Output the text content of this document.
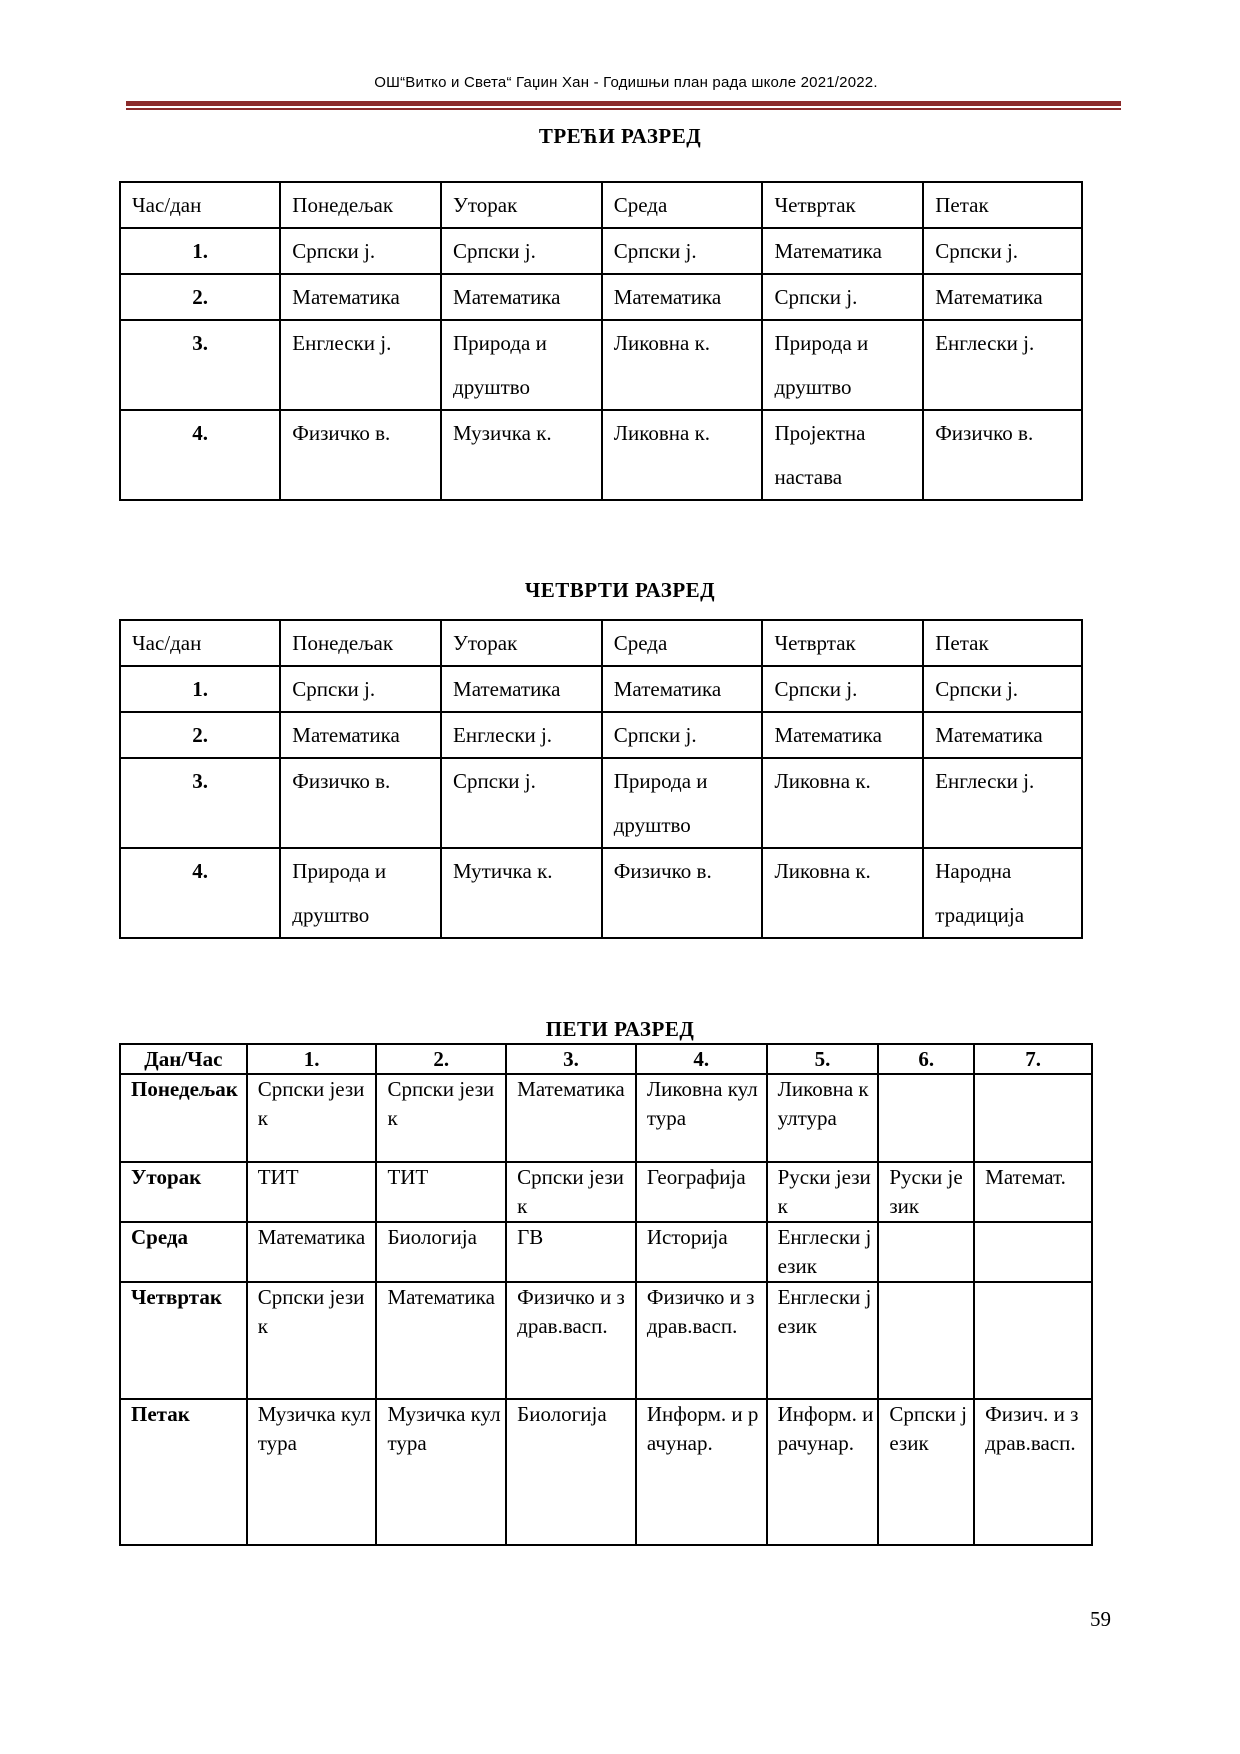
ОШ“Витко и Света“ Гаџин Хан - Годишњи план рада школе 2021/2022.
ТРЕЋИ РАЗРЕД
Час/дан	Понедељак	Уторак	Среда	Четвртак	Петак
1.	Српски ј.	Српски ј.	Српски ј.	Математика	Српски ј.
2.	Математика	Математика	Математика	Српски ј.	Математика
3.	Енглески ј.	Природа и друштво	Ликовна к.	Природа и друштво	Енглески ј.
4.	Физичко в.	Музичка к.	Ликовна к.	Пројектна настава	Физичко в.
ЧЕТВРТИ РАЗРЕД
Час/дан	Понедељак	Уторак	Среда	Четвртак	Петак
1.	Српски ј.	Математика	Математика	Српски ј.	Српски ј.
2.	Математика	Енглески ј.	Српски ј.	Математика	Математика
3.	Физичко в.	Српски ј.	Природа и друштво	Ликовна к.	Енглески ј.
4.	Природа и друштво	Мутичка к.	Физичко в.	Ликовна к.	Народна традиција
ПЕТИ РАЗРЕД
Дан/Час	1.	2.	3.	4.	5.	6.	7.
Понедељак	Српски језик	Српски језик	Математика	Ликовна култура	Ликовна култура		
Уторак	ТИТ	ТИТ	Српски језик	Географија	Руски језик	Руски језик	Математ.
Среда	Математика	Биологија	ГВ	Историја	Енглески језик		
Четвртак	Српски језик	Математика	Физичко и здрав.васп.	Физичко и здрав.васп.	Енглески језик		
Петак	Музичка култура	Музичка култура	Биологија	Информ. и рачунар.	Информ. и рачунар.	Српски језик	Физич. и здрав.васп.
59
